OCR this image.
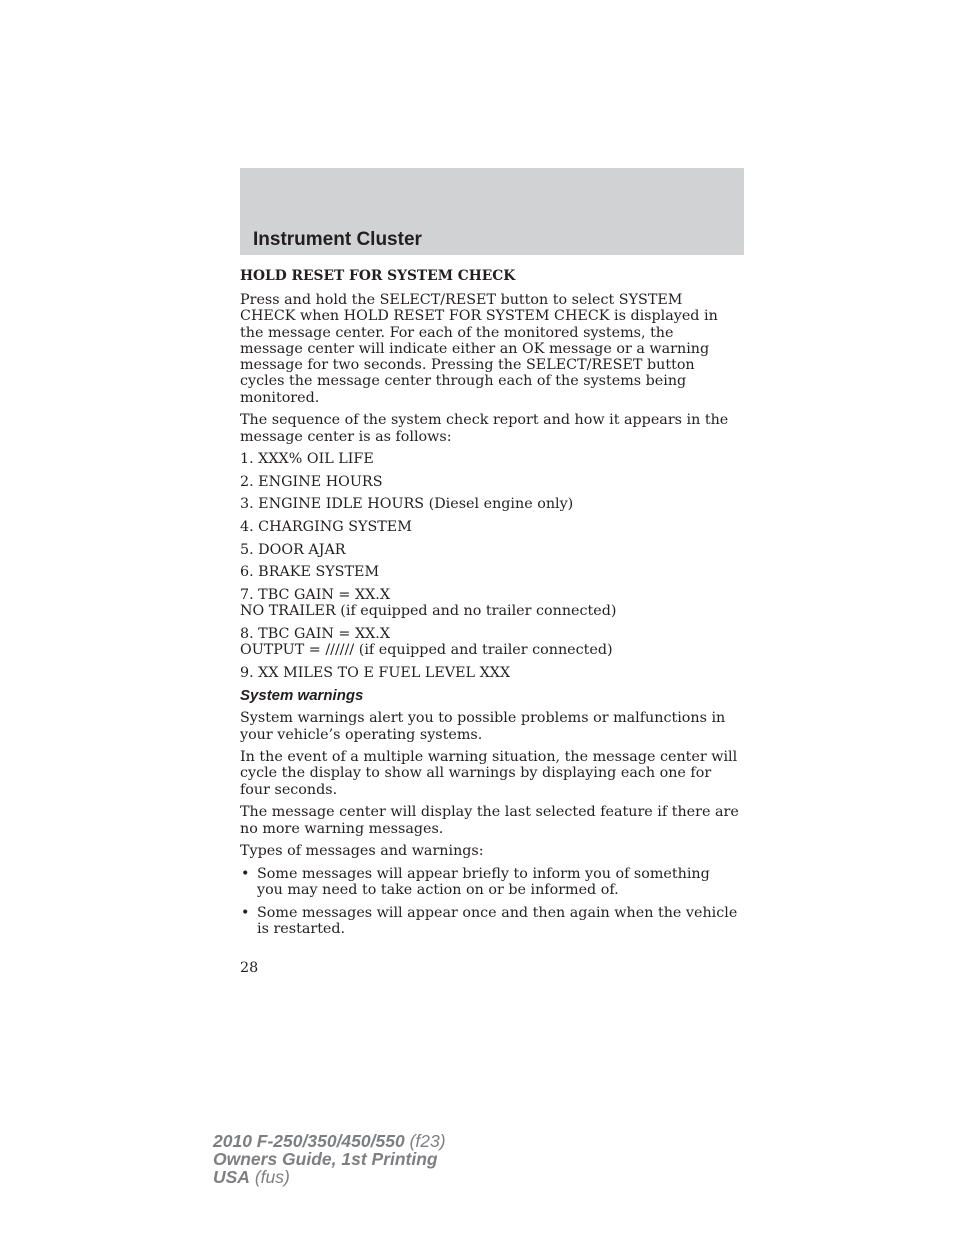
Instrument Cluster
HOLD RESET FOR SYSTEM CHECK

Press and hold the SELECT/RESET button to select SYSTEM CHECK when HOLD RESET FOR SYSTEM CHECK is displayed in the message center. For each of the monitored systems, the message center will indicate either an OK message or a warning message for two seconds. Pressing the SELECT/RESET button cycles the message center through each of the systems being monitored.

The sequence of the system check report and how it appears in the message center is as follows:

1. XXX% OIL LIFE
2. ENGINE HOURS
3. ENGINE IDLE HOURS (Diesel engine only)
4. CHARGING SYSTEM
5. DOOR AJAR
6. BRAKE SYSTEM
7. TBC GAIN = XX.X
NO TRAILER (if equipped and no trailer connected)
8. TBC GAIN = XX.X
OUTPUT = ////// (if equipped and trailer connected)
9. XX MILES TO E FUEL LEVEL XXX
System warnings

System warnings alert you to possible problems or malfunctions in your vehicle’s operating systems.

In the event of a multiple warning situation, the message center will cycle the display to show all warnings by displaying each one for four seconds.

The message center will display the last selected feature if there are no more warning messages.

Types of messages and warnings:

• Some messages will appear briefly to inform you of something you may need to take action on or be informed of.
• Some messages will appear once and then again when the vehicle is restarted.
28
2010 F-250/350/450/550 (f23)
Owners Guide, 1st Printing
USA (fus)
